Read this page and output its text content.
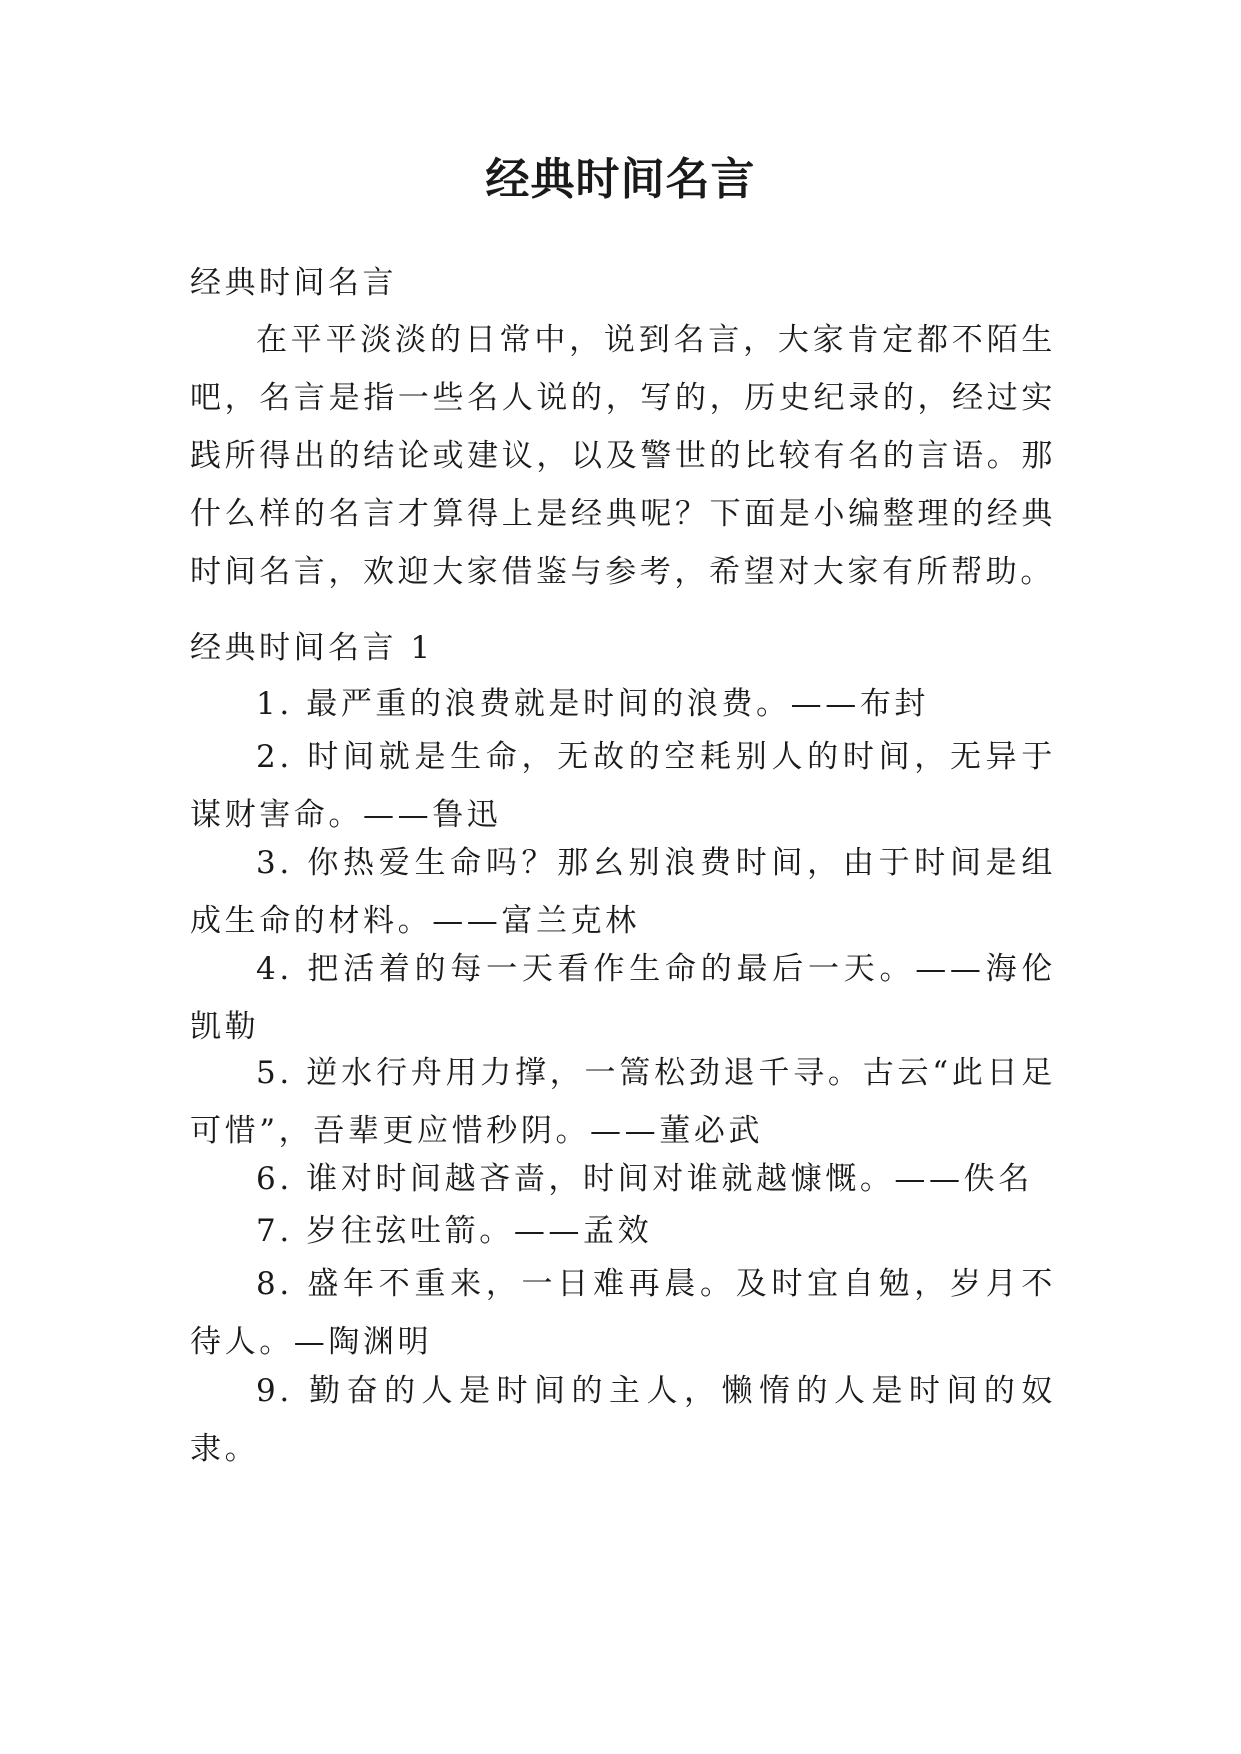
经典时间名言

经典时间名言

在平平淡淡的日常中，说到名言，大家肯定都不陌生吧，名言是指一些名人说的，写的，历史纪录的，经过实践所得出的结论或建议，以及警世的比较有名的言语。那什么样的名言才算得上是经典呢？下面是小编整理的经典时间名言，欢迎大家借鉴与参考，希望对大家有所帮助。

经典时间名言 1

1. 最严重的浪费就是时间的浪费。——布封

2. 时间就是生命，无故的空耗别人的时间，无异于谋财害命。——鲁迅

3. 你热爱生命吗？那幺别浪费时间，由于时间是组成生命的材料。——富兰克林

4. 把活着的每一天看作生命的最后一天。——海伦凯勒

5. 逆水行舟用力撑，一篙松劲退千寻。古云“此日足可惜”，吾辈更应惜秒阴。——董必武

6. 谁对时间越吝啬，时间对谁就越慷慨。——佚名

7. 岁往弦吐箭。——孟效

8. 盛年不重来，一日难再晨。及时宜自勉，岁月不待人。—陶渊明

9. 勤奋的人是时间的主人，懒惰的人是时间的奴隶。
